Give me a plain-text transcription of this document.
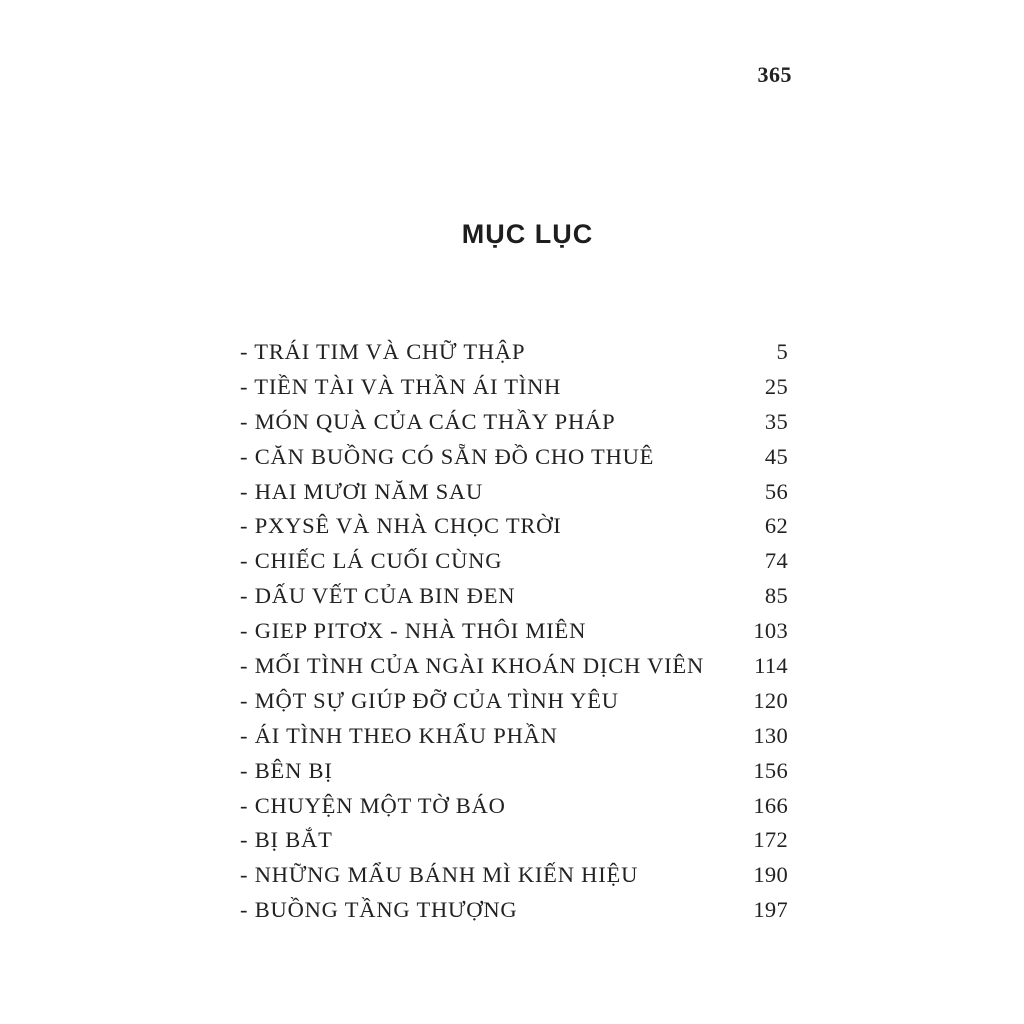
365
MỤC LỤC
- TRÁI TIM VÀ CHỮ THẬP	5
- TIỀN TÀI VÀ THẦN ÁI TÌNH	25
- MÓN QUÀ CỦA CÁC THẦY PHÁP	35
- CĂN BUỒNG CÓ SẴN ĐỒ CHO THUÊ	45
- HAI MƯƠI NĂM SAU	56
- PXYSÊ VÀ NHÀ CHỌC TRỜI	62
- CHIẾC LÁ CUỐI CÙNG	74
- DẤU VẾT CỦA BIN ĐEN	85
- GIEP PITƠX - NHÀ THÔI MIÊN	103
- MỐI TÌNH CỦA NGÀI KHOÁN DỊCH VIÊN 114
- MỘT SỰ GIÚP ĐỠ CỦA TÌNH YÊU	120
- ÁI TÌNH THEO KHẨU PHẦN	130
- BÊN BỊ	156
- CHUYỆN MỘT TỜ BÁO	166
- BỊ BẮT	172
- NHỮNG MẨU BÁNH MÌ KIẾN HIỆU	190
- BUỒNG TẦNG THƯỢNG	197
